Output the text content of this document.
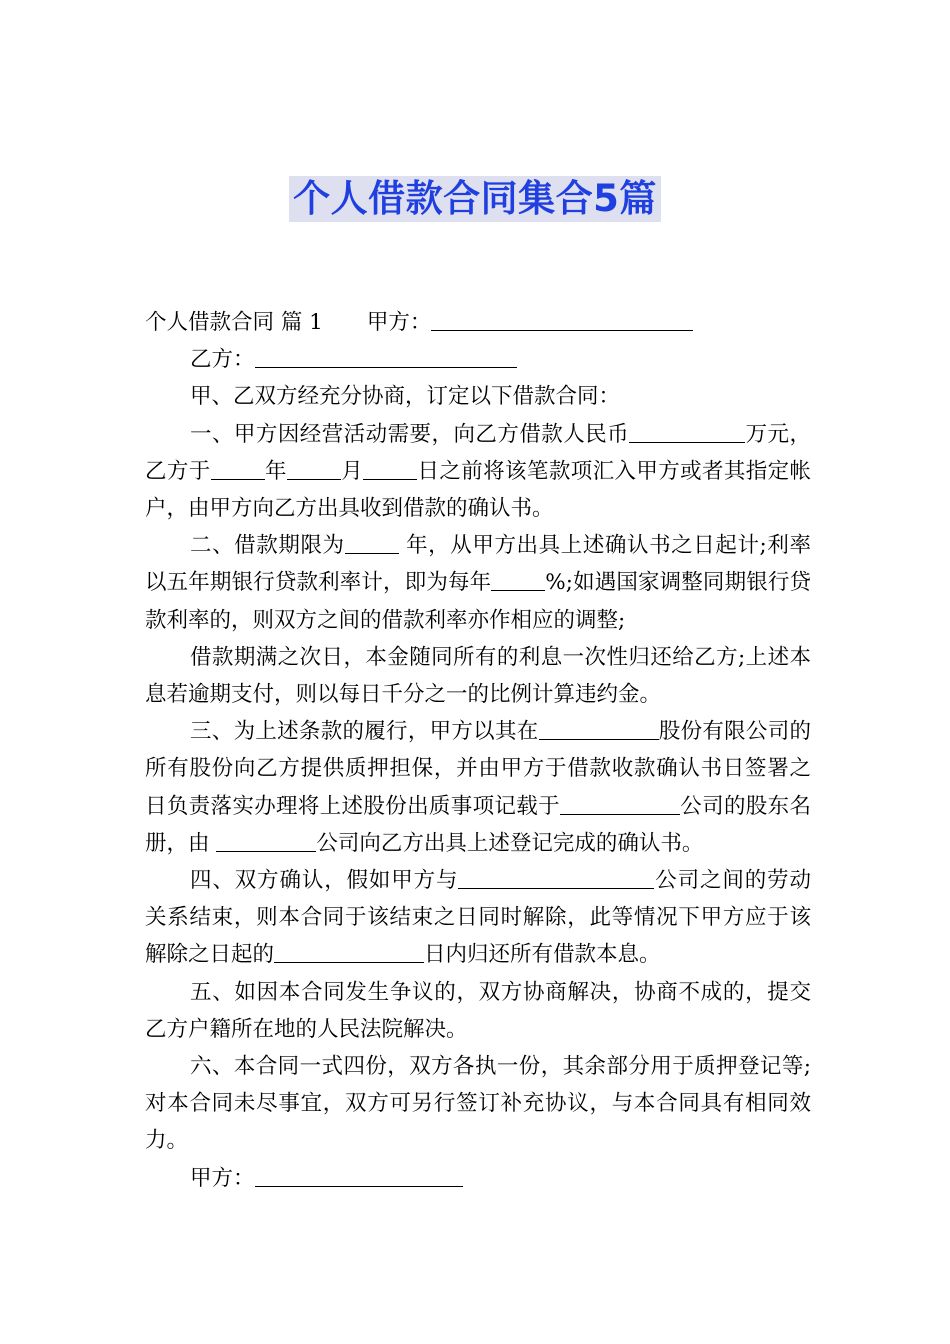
个人借款合同集合5篇

个人借款合同 篇 1 甲方：

乙方：

甲、乙双方经充分协商，订定以下借款合同：

一、甲方因经营活动需要，向乙方借款人民币	万元，乙方于	年	月	日之前将该笔款项汇入甲方或者其指定帐户，由甲方向乙方出具收到借款的确认书。

二、借款期限为	年，从甲方出具上述确认书之日起计;利率以五年期银行贷款利率计，即为每年	%;如遇国家调整同期银行贷款利率的，则双方之间的借款利率亦作相应的调整;

借款期满之次日，本金随同所有的利息一次性归还给乙方;上述本息若逾期支付，则以每日千分之一的比例计算违约金。

三、为上述条款的履行，甲方以其在	股份有限公司的所有股份向乙方提供质押担保，并由甲方于借款收款确认书日签署之日负责落实办理将上述股份出质事项记载于	公司的股东名册，由	公司向乙方出具上述登记完成的确认书。

四、双方确认，假如甲方与	公司之间的劳动关系结束，则本合同于该结束之日同时解除，此等情况下甲方应于该解除之日起的	日内归还所有借款本息。

五、如因本合同发生争议的，双方协商解决，协商不成的，提交乙方户籍所在地的人民法院解决。

六、本合同一式四份，双方各执一份，其余部分用于质押登记等;对本合同未尽事宜，双方可另行签订补充协议，与本合同具有相同效力。

甲方：
